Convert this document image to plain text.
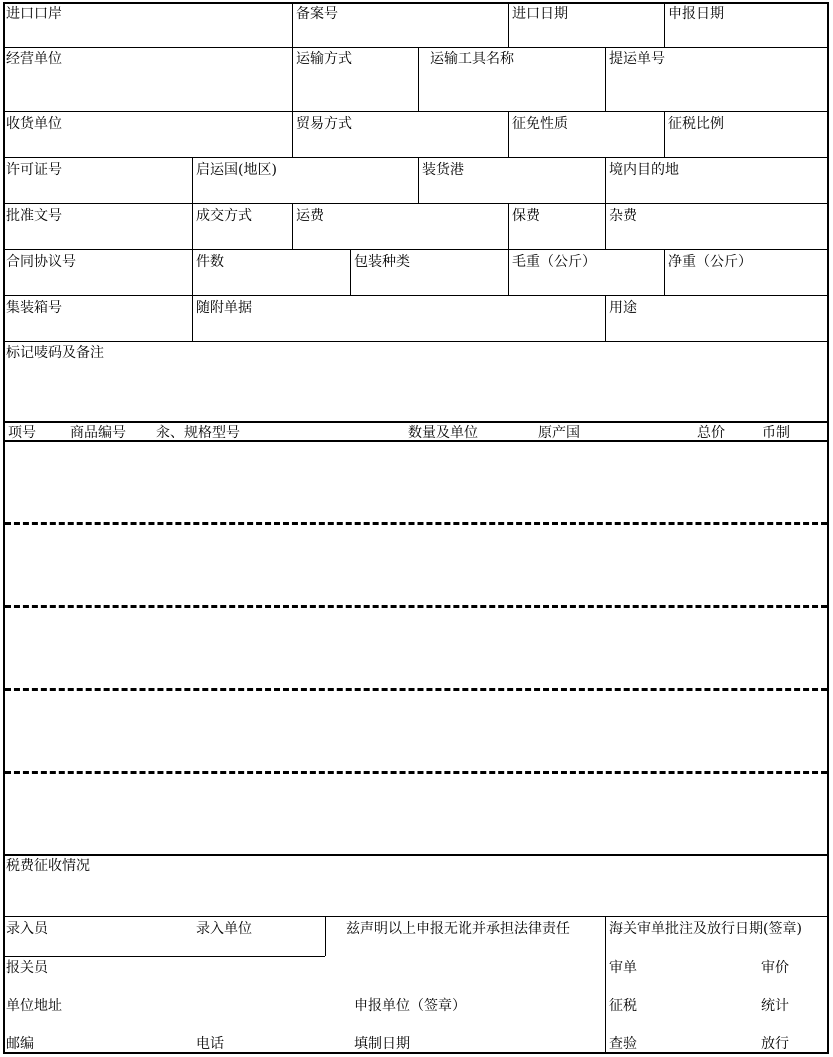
进口口岸	备案号	进口日期	申报日期
经营单位	运输方式	运输工具名称	提运单号
收货单位	贸易方式	征免性质	征税比例
许可证号	启运国(地区)	装货港	境内目的地
批准文号	成交方式	运费	保费	杂费
合同协议号	件数	包装种类	毛重（公斤）	净重（公斤）
集装箱号	随附单据	用途
标记唛码及备注
项号 商品编号 汆、规格型号	数量及单位	原产国	总价	币制
税费征收情况
录入员	录入单位	兹声明以上申报无讹并承担法律责任	海关审单批注及放行日期(签章)
报关员	审单	审价
单位地址	申报单位（签章）	征税	统计
邮编	电话	填制日期	查验	放行
